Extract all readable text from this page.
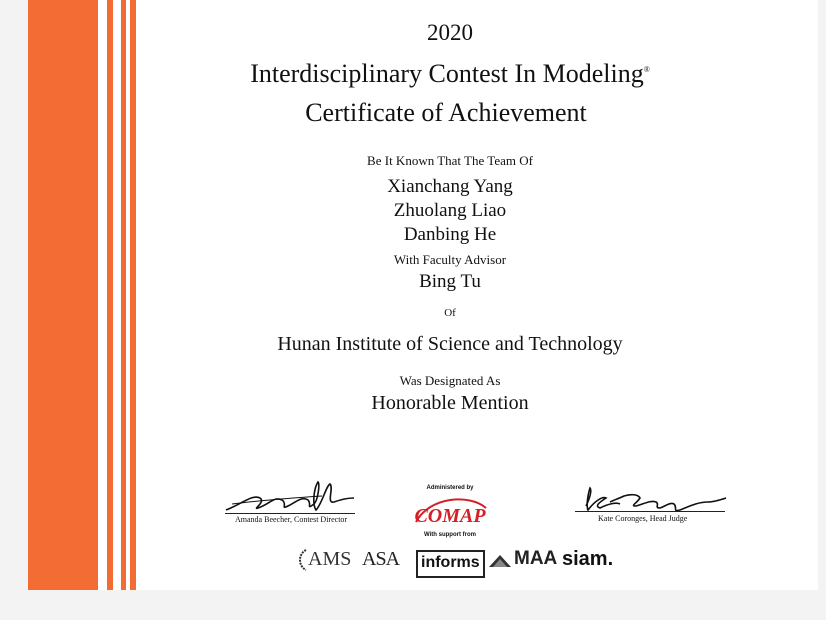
2020
Interdisciplinary Contest In Modeling®
Certificate of Achievement
Be It Known That The Team Of
Xianchang Yang
Zhuolang Liao
Danbing He
With Faculty Advisor
Bing Tu
Of
Hunan Institute of Science and Technology
Was Designated As
Honorable Mention
Amanda Beecher, Contest Director	Kate Coronges, Head Judge
Administered by
COMAP
With support from
AMS ASA	informs MAA siam.
